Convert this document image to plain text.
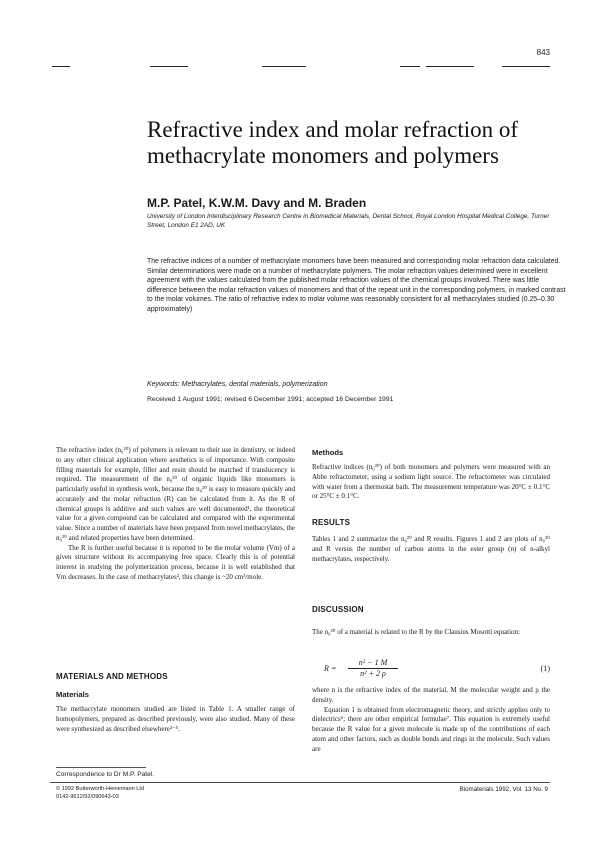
843
Refractive index and molar refraction of methacrylate monomers and polymers
M.P. Patel, K.W.M. Davy and M. Braden
University of London Interdisciplinary Research Centre in Biomedical Materials, Dental School, Royal London Hospital Medical College, Turner Street, London E1 2AD, UK
The refractive indices of a number of methacrylate monomers have been measured and corresponding molar refraction data calculated. Similar determinations were made on a number of methacrylate polymers. The molar refraction values determined were in excellent agreement with the values calculated from the published molar refraction values of the chemical groups involved. There was little difference between the molar refraction values of monomers and that of the repeat unit in the corresponding polymers, in marked contrast to the molar volumes. The ratio of refractive index to molar volume was reasonably consistent for all methacrylates studied (0.25–0.30 approximately)
Keywords: Methacrylates, dental materials, polymerization
Received 1 August 1991; revised 6 December 1991; accepted 16 December 1991

The refractive index (n₀²⁰) of polymers is relevant to their use in dentistry, or indeed to any other clinical application where aesthetics is of importance. With composite filling materials for example, filler and resin should be matched if translucency is required. The measurement of the n₀²⁰ of organic liquids like monomers is particularly useful in synthesis work, because the n₀²⁰ is easy to measure quickly and accurately and the molar refraction (R) can be calculated from it. As the R of chemical groups is additive and such values are well documented¹, the theoretical value for a given compound can be calculated and compared with the experimental value. Since a number of materials have been prepared from novel methacrylates, the n₀²⁰ and related properties have been determined.

The R is further useful because it is reported to be the molar volume (Vm) of a given structure without its accompanying free space. Clearly this is of potential interest in studying the polymerization process, because it is well established that Vm decreases. In the case of methacrylates², this change is ~20 cm³/mole.

MATERIALS AND METHODS
Materials

The methacrylate monomers studied are listed in Table 1. A smaller range of homopolymers, prepared as described previously, were also studied. Many of these were synthesized as described elsewhere³⁻⁵.

Correspondence to Dr M.P. Patel.
Methods

Refractive indices (n₀²⁰) of both monomers and polymers were measured with an Abbe refractometer, using a sodium light source. The refractometer was circulated with water from a thermostat bath. The measurement temperature was 20°C ± 0.1°C or 25°C ± 0.1°C.

RESULTS

Tables 1 and 2 summarize the n₀²⁰ and R results. Figures 1 and 2 are plots of n₀²⁰ and R versus the number of carbon atoms in the ester group (n) of n-alkyl methacrylates, respectively.

DISCUSSION

The n₀²⁰ of a material is related to the R by the Clausius Mosotti equation:

$R = \frac{\text{n² − 1 M}}{\text{n² + 2 ρ}}$	(1)

where n is the refractive index of the material, M the molecular weight and ρ the density.

Equation 1 is obtained from electromagnetic theory, and strictly applies only to dielectrics⁶; there are other empirical formulae⁷. This equation is extremely useful because the R value for a given molecule is made up of the contributions of each atom and other factors, such as double bonds and rings in the molecule. Such values are

© 1992 Butterworth-Heinemann Ltd
0142-9612/92/090643-03
Biomaterials 1992, Vol. 13 No. 9
